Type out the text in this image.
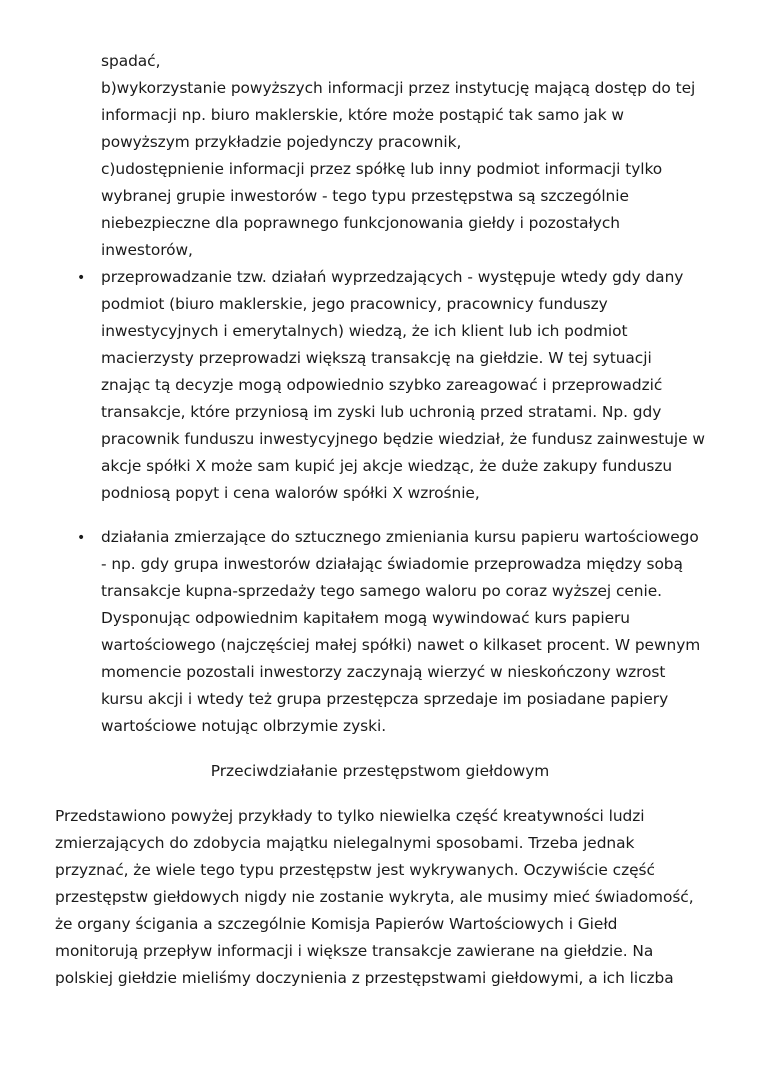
spadać,
b)wykorzystanie powyższych informacji przez instytucję mającą dostęp do tej
informacji np. biuro maklerskie, które może postąpić tak samo jak w
powyższym przykładzie pojedynczy pracownik,
c)udostępnienie informacji przez spółkę lub inny podmiot informacji tylko
wybranej grupie inwestorów - tego typu przestępstwa są szczególnie
niebezpieczne dla poprawnego funkcjonowania giełdy i pozostałych
inwestorów,
• przeprowadzanie tzw. działań wyprzedzających - występuje wtedy gdy dany
podmiot (biuro maklerskie, jego pracownicy, pracownicy funduszy
inwestycyjnych i emerytalnych) wiedzą, że ich klient lub ich podmiot
macierzysty przeprowadzi większą transakcję na giełdzie. W tej sytuacji
znając tą decyzje mogą odpowiednio szybko zareagować i przeprowadzić
transakcje, które przyniosą im zyski lub uchronią przed stratami. Np. gdy
pracownik funduszu inwestycyjnego będzie wiedział, że fundusz zainwestuje w
akcje spółki X może sam kupić jej akcje wiedząc, że duże zakupy funduszu
podniosą popyt i cena walorów spółki X wzrośnie,
• działania zmierzające do sztucznego zmieniania kursu papieru wartościowego
- np. gdy grupa inwestorów działając świadomie przeprowadza między sobą
transakcje kupna-sprzedaży tego samego waloru po coraz wyższej cenie.
Dysponując odpowiednim kapitałem mogą wywindować kurs papieru
wartościowego (najczęściej małej spółki) nawet o kilkaset procent. W pewnym
momencie pozostali inwestorzy zaczynają wierzyć w nieskończony wzrost
kursu akcji i wtedy też grupa przestępcza sprzedaje im posiadane papiery
wartościowe notując olbrzymie zyski.
Przeciwdziałanie przestępstwom giełdowym
Przedstawiono powyżej przykłady to tylko niewielka część kreatywności ludzi
zmierzających do zdobycia majątku nielegalnymi sposobami. Trzeba jednak
przyznać, że wiele tego typu przestępstw jest wykrywanych. Oczywiście część
przestępstw giełdowych nigdy nie zostanie wykryta, ale musimy mieć świadomość,
że organy ścigania a szczególnie Komisja Papierów Wartościowych i Giełd
monitorują przepływ informacji i większe transakcje zawierane na giełdzie. Na
polskiej giełdzie mieliśmy doczynienia z przestępstwami giełdowymi, a ich liczba
